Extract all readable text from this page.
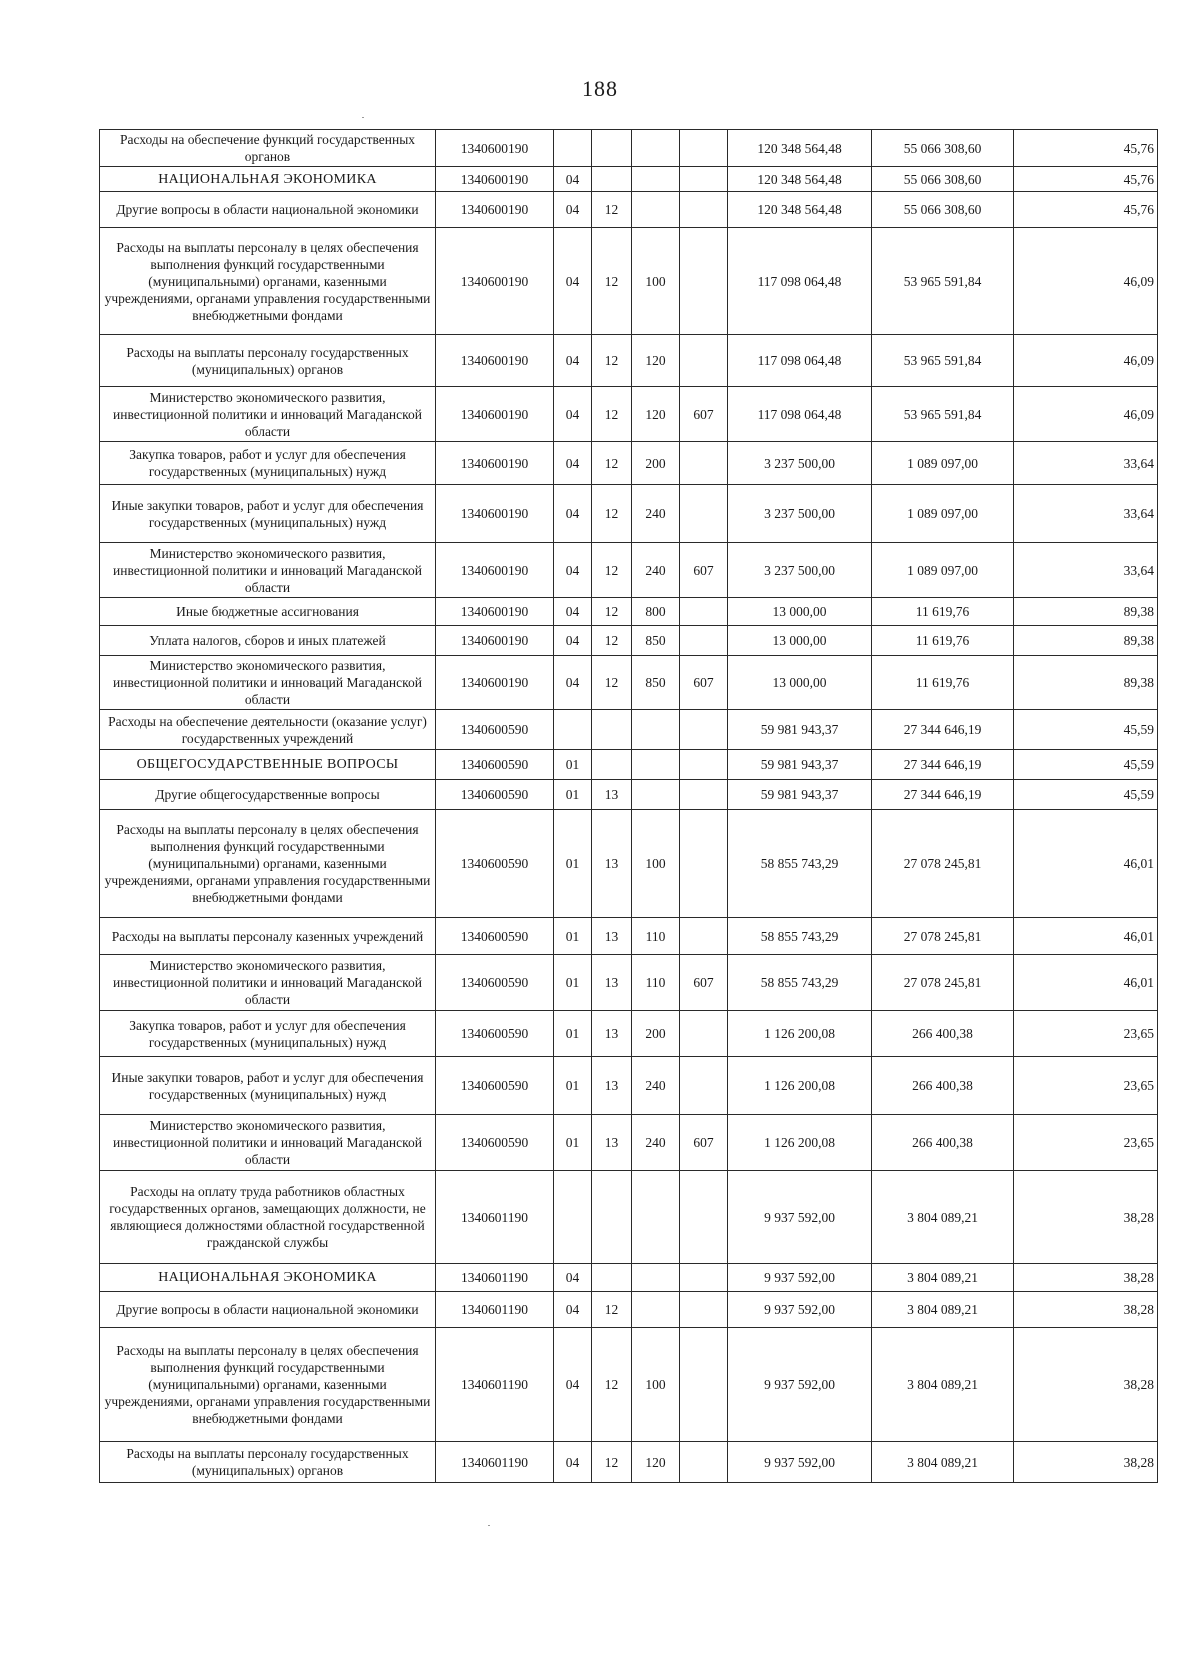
188
Расходы на обеспечение функций государственных органов	1340600190					120 348 564,48	55 066 308,60	45,76
НАЦИОНАЛЬНАЯ ЭКОНОМИКА	1340600190	04				120 348 564,48	55 066 308,60	45,76
Другие вопросы в области национальной экономики	1340600190	04	12			120 348 564,48	55 066 308,60	45,76
Расходы на выплаты персоналу в целях обеспечения выполнения функций государственными (муниципальными) органами, казенными учреждениями, органами управления государственными внебюджетными фондами	1340600190	04	12	100		117 098 064,48	53 965 591,84	46,09
Расходы на выплаты персоналу государственных (муниципальных) органов	1340600190	04	12	120		117 098 064,48	53 965 591,84	46,09
Министерство экономического развития, инвестиционной политики и инноваций Магаданской области	1340600190	04	12	120	607	117 098 064,48	53 965 591,84	46,09
Закупка товаров, работ и услуг для обеспечения государственных (муниципальных) нужд	1340600190	04	12	200		3 237 500,00	1 089 097,00	33,64
Иные закупки товаров, работ и услуг для обеспечения государственных (муниципальных) нужд	1340600190	04	12	240		3 237 500,00	1 089 097,00	33,64
Министерство экономического развития, инвестиционной политики и инноваций Магаданской области	1340600190	04	12	240	607	3 237 500,00	1 089 097,00	33,64
Иные бюджетные ассигнования	1340600190	04	12	800		13 000,00	11 619,76	89,38
Уплата налогов, сборов и иных платежей	1340600190	04	12	850		13 000,00	11 619,76	89,38
Министерство экономического развития, инвестиционной политики и инноваций Магаданской области	1340600190	04	12	850	607	13 000,00	11 619,76	89,38
Расходы на обеспечение деятельности (оказание услуг) государственных учреждений	1340600590					59 981 943,37	27 344 646,19	45,59
ОБЩЕГОСУДАРСТВЕННЫЕ ВОПРОСЫ	1340600590	01				59 981 943,37	27 344 646,19	45,59
Другие общегосударственные вопросы	1340600590	01	13			59 981 943,37	27 344 646,19	45,59
Расходы на выплаты персоналу в целях обеспечения выполнения функций государственными (муниципальными) органами, казенными учреждениями, органами управления государственными внебюджетными фондами	1340600590	01	13	100		58 855 743,29	27 078 245,81	46,01
Расходы на выплаты персоналу казенных учреждений	1340600590	01	13	110		58 855 743,29	27 078 245,81	46,01
Министерство экономического развития, инвестиционной политики и инноваций Магаданской области	1340600590	01	13	110	607	58 855 743,29	27 078 245,81	46,01
Закупка товаров, работ и услуг для обеспечения государственных (муниципальных) нужд	1340600590	01	13	200		1 126 200,08	266 400,38	23,65
Иные закупки товаров, работ и услуг для обеспечения государственных (муниципальных) нужд	1340600590	01	13	240		1 126 200,08	266 400,38	23,65
Министерство экономического развития, инвестиционной политики и инноваций Магаданской области	1340600590	01	13	240	607	1 126 200,08	266 400,38	23,65
Расходы на оплату труда работников областных государственных органов, замещающих должности, не являющиеся должностями областной государственной гражданской службы	1340601190					9 937 592,00	3 804 089,21	38,28
НАЦИОНАЛЬНАЯ ЭКОНОМИКА	1340601190	04				9 937 592,00	3 804 089,21	38,28
Другие вопросы в области национальной экономики	1340601190	04	12			9 937 592,00	3 804 089,21	38,28
Расходы на выплаты персоналу в целях обеспечения выполнения функций государственными (муниципальными) органами, казенными учреждениями, органами управления государственными внебюджетными фондами	1340601190	04	12	100		9 937 592,00	3 804 089,21	38,28
Расходы на выплаты персоналу государственных (муниципальных) органов	1340601190	04	12	120		9 937 592,00	3 804 089,21	38,28
